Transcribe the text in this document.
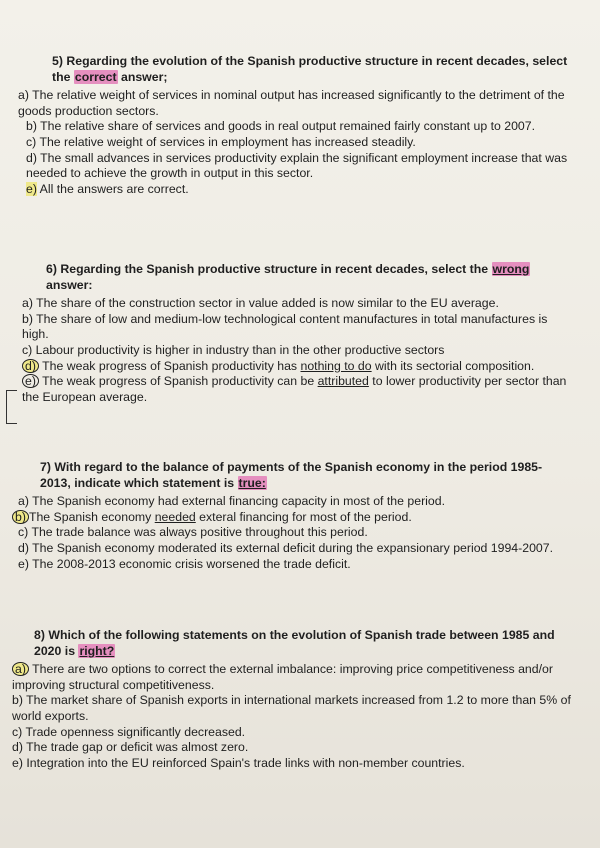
5) Regarding the evolution of the Spanish productive structure in recent decades, select the correct answer;

a) The relative weight of services in nominal output has increased significantly to the detriment of the goods production sectors.

b) The relative share of services and goods in real output remained fairly constant up to 2007.

c) The relative weight of services in employment has increased steadily.

d) The small advances in services productivity explain the significant employment increase that was needed to achieve the growth in output in this sector.

e) All the answers are correct.

6) Regarding the Spanish productive structure in recent decades, select the wrong answer:

a) The share of the construction sector in value added is now similar to the EU average.

b) The share of low and medium-low technological content manufactures in total manufactures is high.

c) Labour productivity is higher in industry than in the other productive sectors

d) The weak progress of Spanish productivity has nothing to do with its sectorial composition.

e) The weak progress of Spanish productivity can be attributed to lower productivity per sector than the European average.

7) With regard to the balance of payments of the Spanish economy in the period 1985-2013, indicate which statement is true:

a) The Spanish economy had external financing capacity in most of the period.

b) The Spanish economy needed exteral financing for most of the period.

c) The trade balance was always positive throughout this period.

d) The Spanish economy moderated its external deficit during the expansionary period 1994-2007.

e) The 2008-2013 economic crisis worsened the trade deficit.

8) Which of the following statements on the evolution of Spanish trade between 1985 and 2020 is right?

a) There are two options to correct the external imbalance: improving price competitiveness and/or improving structural competitiveness.

b) The market share of Spanish exports in international markets increased from 1.2 to more than 5% of world exports.

c) Trade openness significantly decreased.

d) The trade gap or deficit was almost zero.

e) Integration into the EU reinforced Spain's trade links with non-member countries.
